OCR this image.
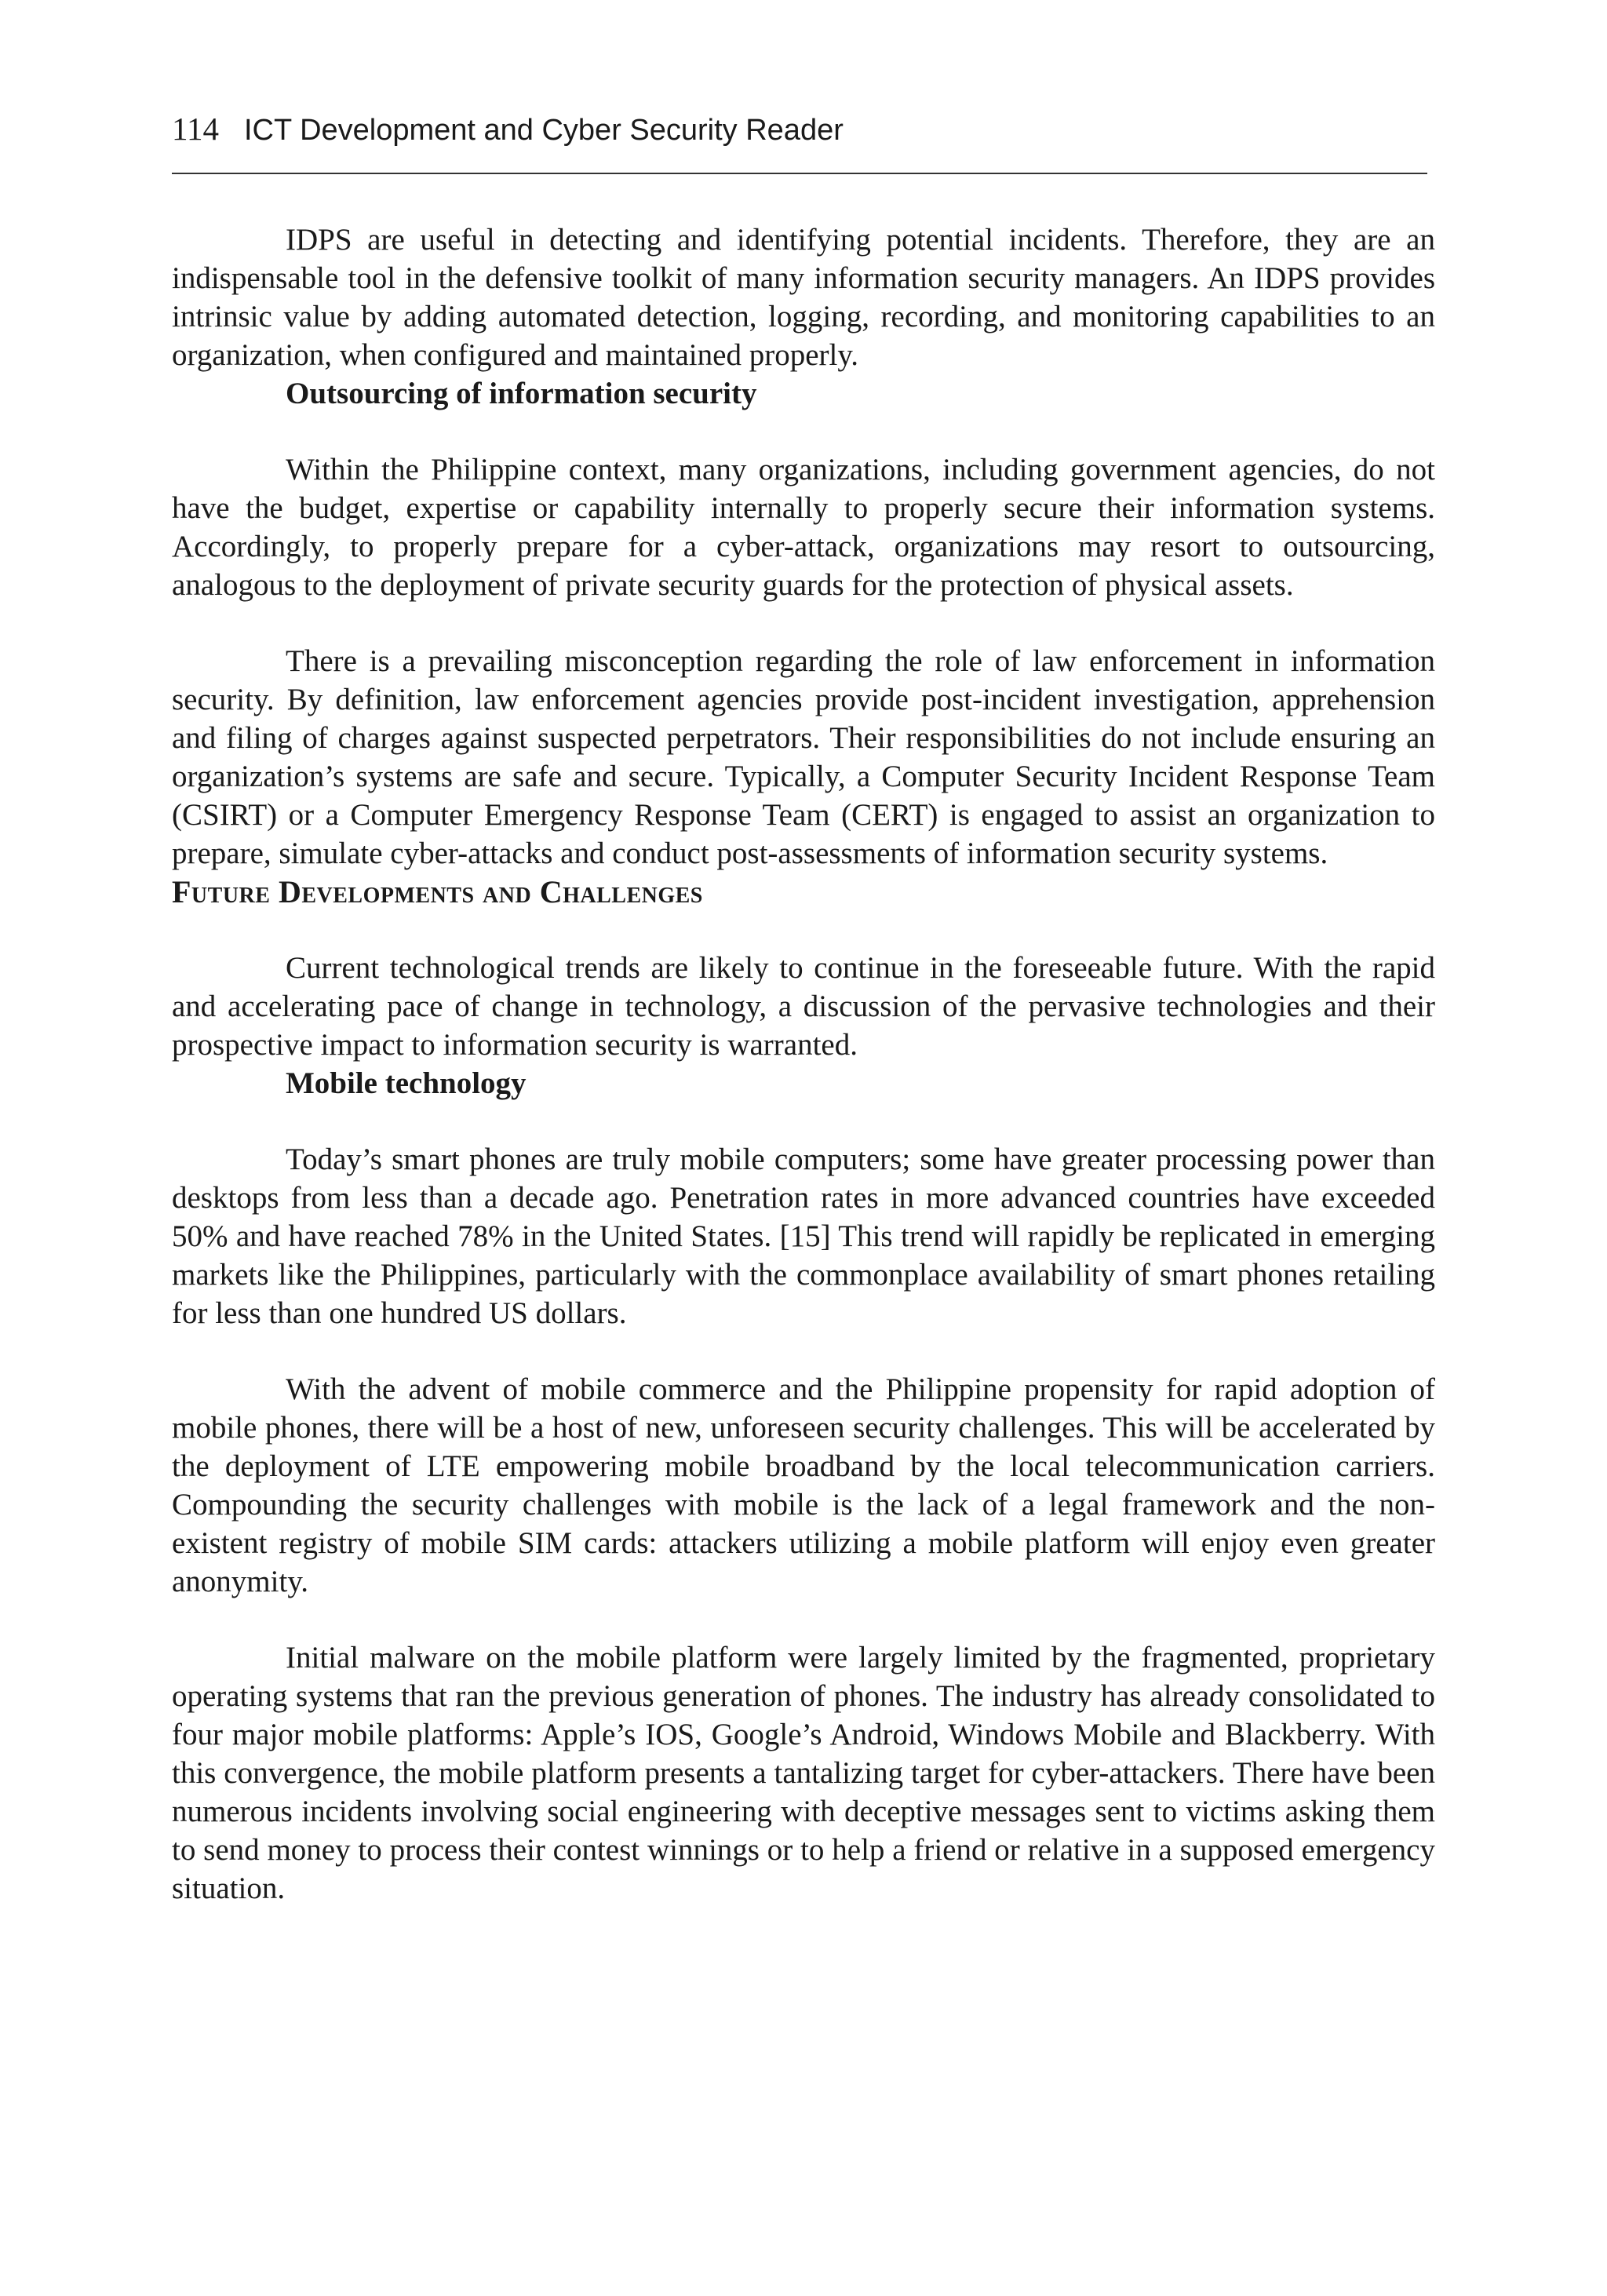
114 ICT Development and Cyber Security Reader

IDPS are useful in detecting and identifying potential incidents. Therefore, they are an indispensable tool in the defensive toolkit of many information security managers. An IDPS provides intrinsic value by adding automated detection, logging, recording, and monitoring capabilities to an organization, when configured and maintained properly.

Outsourcing of information security

Within the Philippine context, many organizations, including government agencies, do not have the budget, expertise or capability internally to properly secure their information systems. Accordingly, to properly prepare for a cyber-attack, organizations may resort to outsourcing, analogous to the deployment of private security guards for the protection of physical assets.

There is a prevailing misconception regarding the role of law enforcement in information security. By definition, law enforcement agencies provide post-incident investigation, apprehension and filing of charges against suspected perpetrators. Their responsibilities do not include ensuring an organization’s systems are safe and secure. Typically, a Computer Security Incident Response Team (CSIRT) or a Computer Emergency Response Team (CERT) is engaged to assist an organization to prepare, simulate cyber-attacks and conduct post-assessments of information security systems.

Future Developments and Challenges

Current technological trends are likely to continue in the foreseeable future. With the rapid and accelerating pace of change in technology, a discussion of the pervasive technologies and their prospective impact to information security is warranted.

Mobile technology

Today’s smart phones are truly mobile computers; some have greater processing power than desktops from less than a decade ago. Penetration rates in more advanced countries have exceeded 50% and have reached 78% in the United States. [15] This trend will rapidly be replicated in emerging markets like the Philippines, particularly with the commonplace availability of smart phones retailing for less than one hundred US dollars.

With the advent of mobile commerce and the Philippine propensity for rapid adoption of mobile phones, there will be a host of new, unforeseen security challenges. This will be accelerated by the deployment of LTE empowering mobile broadband by the local telecommunication carriers. Compounding the security challenges with mobile is the lack of a legal framework and the non-existent registry of mobile SIM cards: attackers utilizing a mobile platform will enjoy even greater anonymity.

Initial malware on the mobile platform were largely limited by the fragmented, proprietary operating systems that ran the previous generation of phones. The industry has already consolidated to four major mobile platforms: Apple’s IOS, Google’s Android, Windows Mobile and Blackberry. With this convergence, the mobile platform presents a tantalizing target for cyber-attackers. There have been numerous incidents involving social engineering with deceptive messages sent to victims asking them to send money to process their contest winnings or to help a friend or relative in a supposed emergency situation.
